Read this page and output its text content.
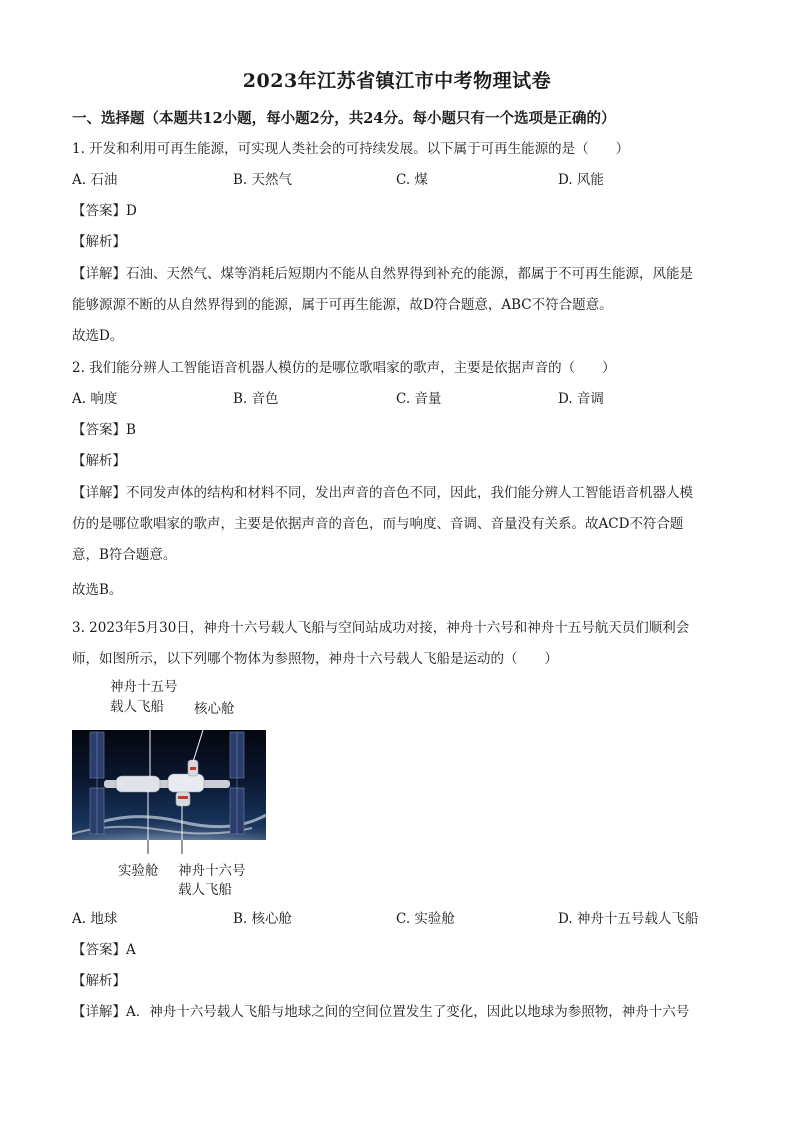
2023年江苏省镇江市中考物理试卷
一、选择题（本题共12小题，每小题2分，共24分。每小题只有一个选项是正确的）
1. 开发和利用可再生能源，可实现人类社会的可持续发展。以下属于可再生能源的是（　　）
A. 石油	B. 天然气	C. 煤	D. 风能
【答案】D
【解析】
【详解】石油、天然气、煤等消耗后短期内不能从自然界得到补充的能源，都属于不可再生能源，风能是
能够源源不断的从自然界得到的能源，属于可再生能源，故D符合题意，ABC不符合题意。
故选D。
2. 我们能分辨人工智能语音机器人模仿的是哪位歌唱家的歌声，主要是依据声音的（　　）
A. 响度	B. 音色	C. 音量	D. 音调
【答案】B
【解析】
【详解】不同发声体的结构和材料不同，发出声音的音色不同，因此，我们能分辨人工智能语音机器人模
仿的是哪位歌唱家的歌声，主要是依据声音的音色，而与响度、音调、音量没有关系。故ACD不符合题
意，B符合题意。
故选B。
3. 2023年5月30日，神舟十六号载人飞船与空间站成功对接，神舟十六号和神舟十五号航天员们顺利会
师，如图所示，以下列哪个物体为参照物，神舟十六号载人飞船是运动的（　　）
神舟十五号
载人飞船 核心舱
实验舱 神舟十六号
载人飞船
A. 地球	B. 核心舱	C. 实验舱	D. 神舟十五号载人飞船
【答案】A
【解析】
【详解】A．神舟十六号载人飞船与地球之间的空间位置发生了变化，因此以地球为参照物，神舟十六号
